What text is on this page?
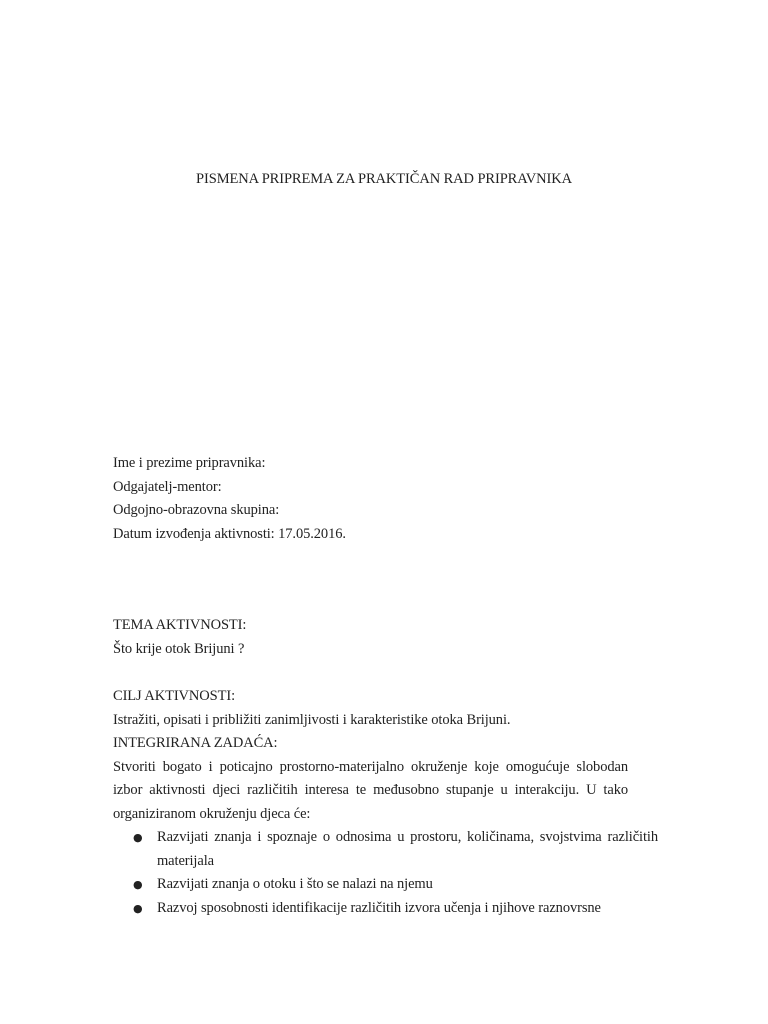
PISMENA PRIPREMA ZA PRAKTIČAN RAD PRIPRAVNIKA
Ime i prezime pripravnika:
Odgajatelj-mentor:
Odgojno-obrazovna skupina:
Datum izvođenja aktivnosti: 17.05.2016.
TEMA AKTIVNOSTI:
Što krije otok Brijuni ?
CILJ AKTIVNOSTI:
Istražiti, opisati i približiti zanimljivosti i karakteristike otoka Brijuni.
INTEGRIRANA ZADAĆA:
Stvoriti bogato i poticajno prostorno-materijalno okruženje koje omogućuje slobodan izbor aktivnosti djeci različitih interesa te međusobno stupanje u interakciju. U tako organiziranom okruženju djeca će:
● Razvijati znanja i spoznaje o odnosima u prostoru, količinama, svojstvima različitih materijala
● Razvijati znanja o otoku i što se nalazi na njemu
● Razvoj sposobnosti identifikacije različitih izvora učenja i njihove raznovrsne
